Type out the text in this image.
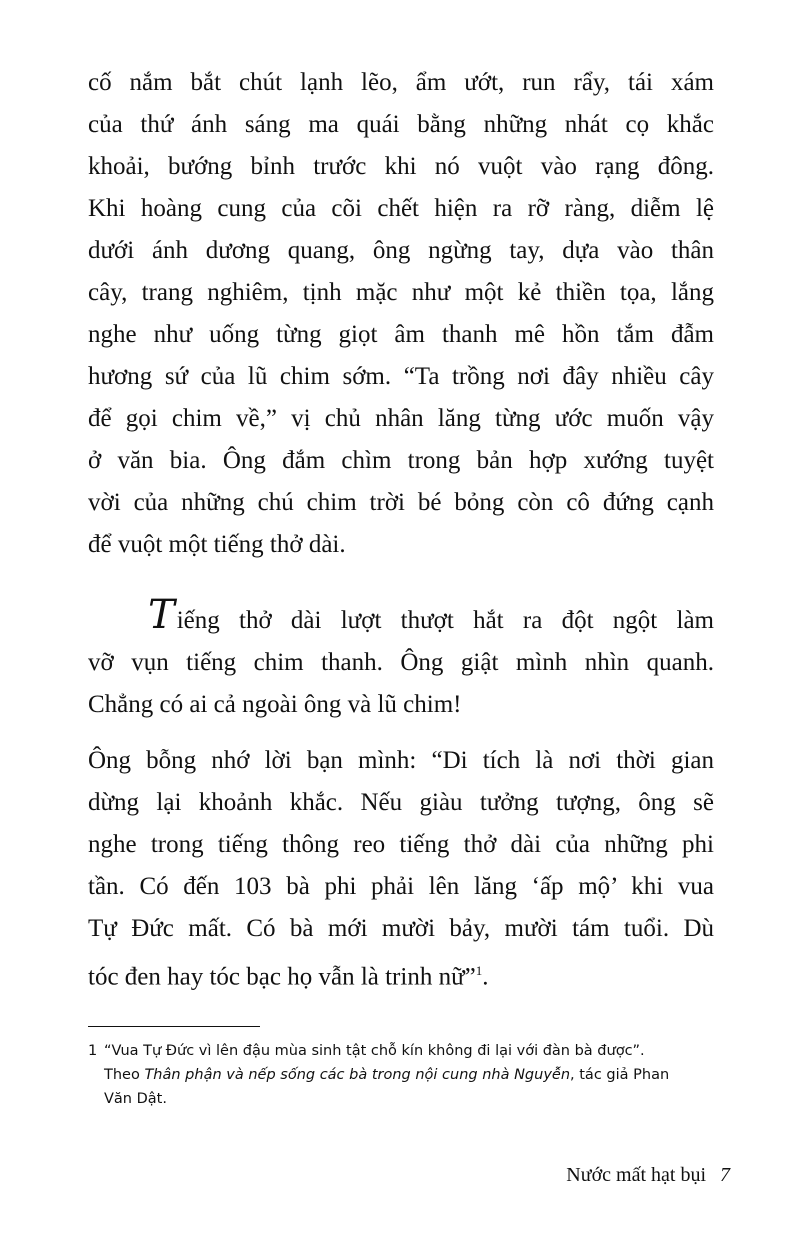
cố nắm bắt chút lạnh lẽo, ẩm ướt, run rẩy, tái xám
của thứ ánh sáng ma quái bằng những nhát cọ khắc
khoải, bướng bỉnh trước khi nó vuột vào rạng đông.
Khi hoàng cung của cõi chết hiện ra rỡ ràng, diễm lệ
dưới ánh dương quang, ông ngừng tay, dựa vào thân
cây, trang nghiêm, tịnh mặc như một kẻ thiền tọa, lắng
nghe như uống từng giọt âm thanh mê hồn tắm đẫm
hương sứ của lũ chim sớm. “Ta trồng nơi đây nhiều cây
để gọi chim về,” vị chủ nhân lăng từng ước muốn vậy
ở văn bia. Ông đắm chìm trong bản hợp xướng tuyệt
vời của những chú chim trời bé bỏng còn cô đứng cạnh
để vuột một tiếng thở dài.
Tiếng thở dài lượt thượt hắt ra đột ngột làm
vỡ vụn tiếng chim thanh. Ông giật mình nhìn quanh.
Chẳng có ai cả ngoài ông và lũ chim!
Ông bỗng nhớ lời bạn mình: “Di tích là nơi thời gian
dừng lại khoảnh khắc. Nếu giàu tưởng tượng, ông sẽ
nghe trong tiếng thông reo tiếng thở dài của những phi
tần. Có đến 103 bà phi phải lên lăng ‘ấp mộ’ khi vua
Tự Đức mất. Có bà mới mười bảy, mười tám tuổi. Dù
tóc đen hay tóc bạc họ vẫn là trinh nữ”$^1$.
1 “Vua Tự Đức vì lên đậu mùa sinh tật chỗ kín không đi lại với đàn bà được”.
Theo Thân phận và nếp sống các bà trong nội cung nhà Nguyễn, tác giả Phan
Văn Dật.
Nước mất hạt bụi 7
